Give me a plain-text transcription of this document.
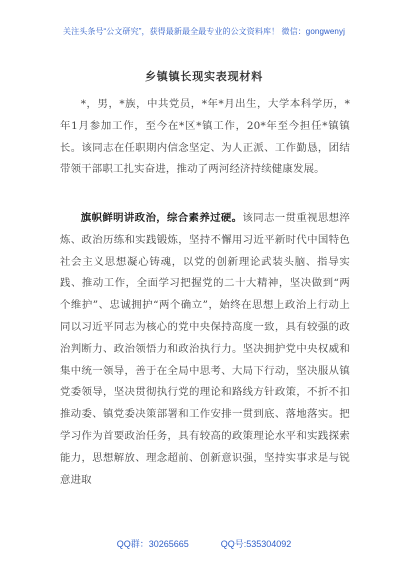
关注头条号“公文研究”，获得最新最全最专业的公文资料库！ 微信：gongwenyj
乡镇镇长现实表现材料

*，男，*族，中共党员，*年*月出生，大学本科学历，*年1月参加工作，至今在*区*镇工作，20*年至今担任*镇镇长。该同志在任职期内信念坚定、为人正派、工作勤恳，团结带领干部职工扎实奋进，推动了两河经济持续健康发展。

旗帜鲜明讲政治，综合素养过硬。该同志一贯重视思想淬炼、政治历练和实践锻炼，坚持不懈用习近平新时代中国特色社会主义思想凝心铸魂，以党的创新理论武装头脑、指导实践、推动工作，全面学习把握党的二十大精神，坚决做到“两个维护”、忠诚拥护“两个确立”，始终在思想上政治上行动上同以习近平同志为核心的党中央保持高度一致，具有较强的政治判断力、政治领悟力和政治执行力。坚决拥护党中央权威和集中统一领导，善于在全局中思考、大局下行动，坚决服从镇党委领导，坚决贯彻执行党的理论和路线方针政策，不折不扣推动委、镇党委决策部署和工作安排一贯到底、落地落实。把学习作为首要政治任务，具有较高的政策理论水平和实践探索能力，思想解放、理念超前、创新意识强，坚持实事求是与锐意进取

QQ群：30265665	QQ号:535304092
